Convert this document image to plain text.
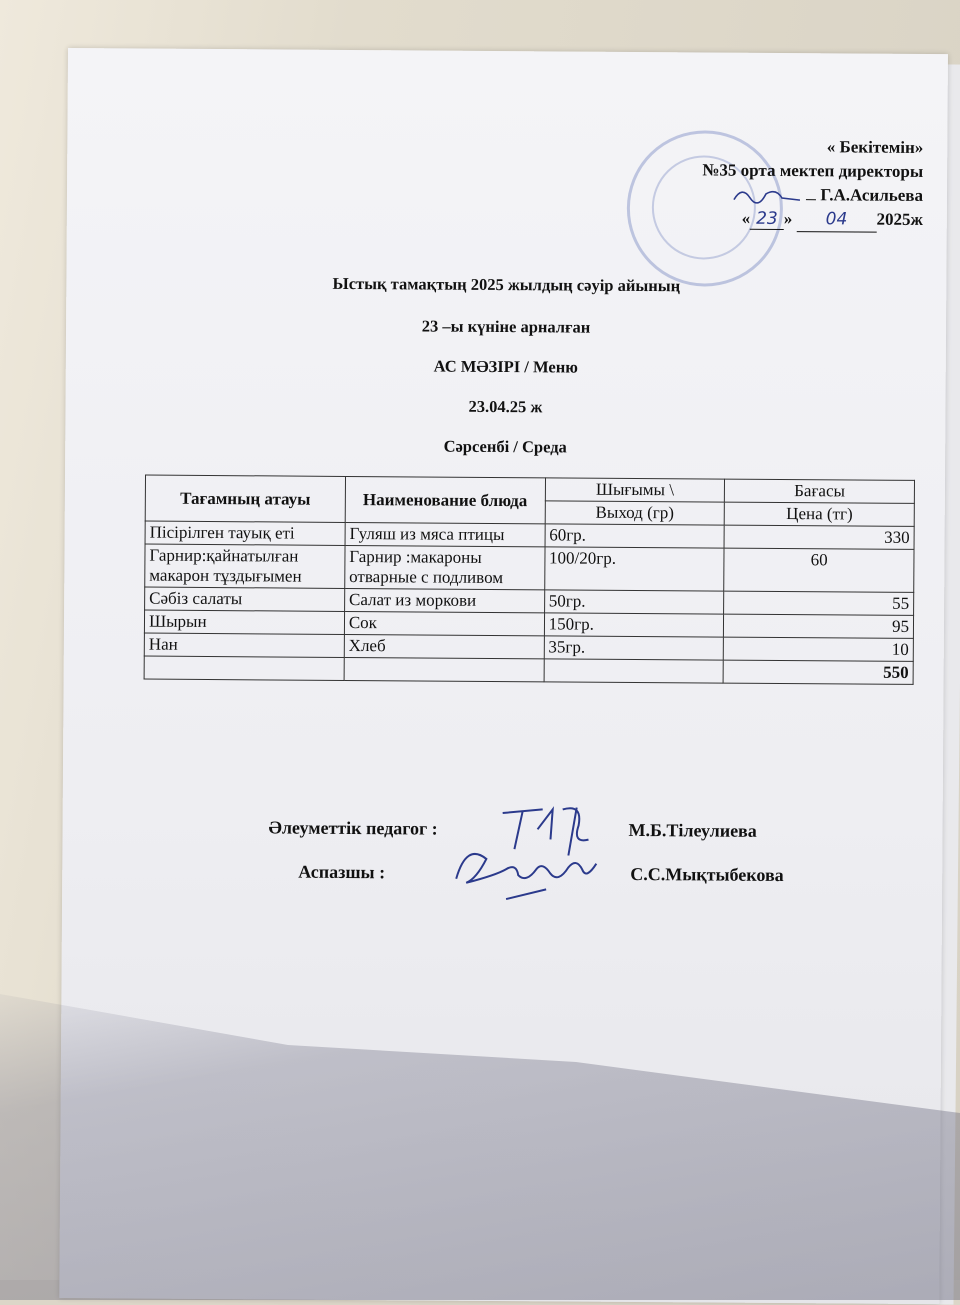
« Бекітемін»
№35 орта мектеп директоры
Г.А.Асильева
« 23 » 04 2025ж
Ыстық тамақтың 2025 жылдың сәуір айының
23 –ы күніне арналған
АС МӘЗІРІ / Меню
23.04.25 ж
Сәрсенбі / Среда
Тағамның атауы	Наименование блюда	Шығымы \	Бағасы
		Выход (гр)	Цена (тг)
Пісірілген тауық еті	Гуляш из мяса птицы	60гр.	330
Гарнир:қайнатылған макарон тұздығымен	Гарнир :макароны отварные с подливом	100/20гр.	60
Сәбіз салаты	Салат из моркови	50гр.	55
Шырын	Сок	150гр.	95
Нан	Хлеб	35гр.	10
			550
Әлеуметтік педагог :	М.Б.Тілеулиева
Аспазшы :	С.С.Мықтыбекова
